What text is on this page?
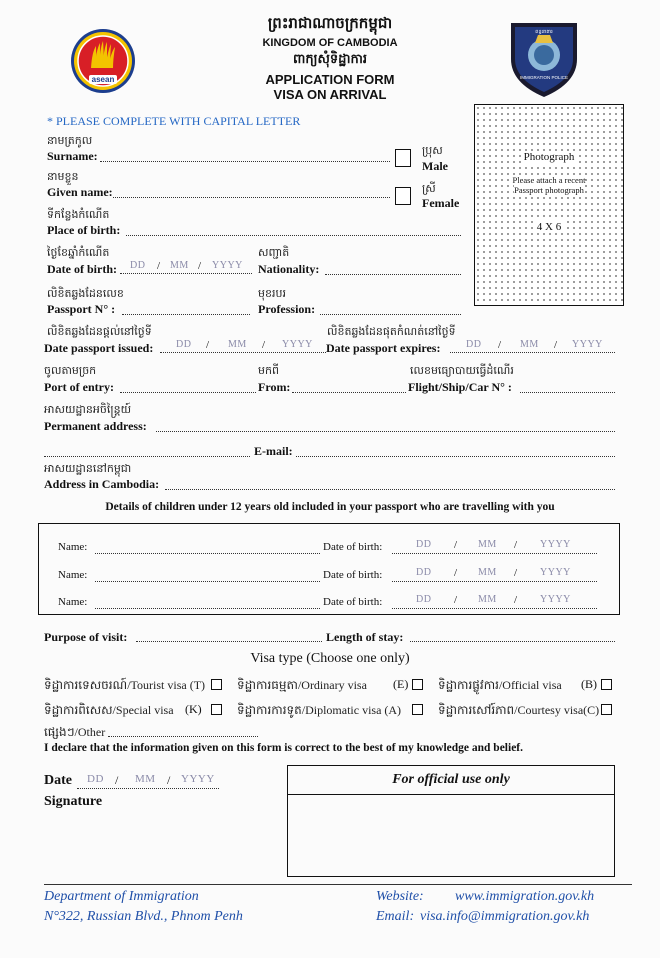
asean
ពន្ធនាគារ
IMMIGRATION POLICE
ព្រះរាជាណាចក្រកម្ពុជា
KINGDOM OF CAMBODIA
ពាក្យសុំទិដ្ឋាការ
APPLICATION FORM
VISA ON ARRIVAL
* PLEASE COMPLETE WITH CAPITAL LETTER
Photograph
Please attach a recent
Passport photograph
4 X 6
នាមត្រកូល
Surname:	ប្រុស
Male
នាមខ្លួន
Given name:	ស្រី
Female
ទីកន្លែងកំណើត
Place of birth:
ថ្ងៃខែឆ្នាំកំណើត
Date of birth: DD / MM / YYYY
សញ្ជាតិ
Nationality:
លិខិតឆ្លងដែនលេខ
Passport N° :
មុខរបរ
Profession:
លិខិតឆ្លងដែនផ្តល់នៅថ្ងៃទី
Date passport issued: DD / MM / YYYY
លិខិតឆ្លងដែនផុតកំណត់នៅថ្ងៃទី
Date passport expires:	DD / MM / YYYY
ចូលតាមច្រក
Port of entry:
មកពី
From:
លេខមធ្យោបាយធ្វើដំណើរ
Flight/Ship/Car N° :
អាសយដ្ឋានអចិន្ត្រៃយ៍
Permanent address:
E-mail:
អាសយដ្ឋាននៅកម្ពុជា
Address in Cambodia:
Details of children under 12 years old included in your passport who are travelling with you
Name:	Date of birth:	DD / MM / YYYY
Name:	Date of birth:	DD / MM / YYYY
Name:	Date of birth:	DD / MM / YYYY
Purpose of visit:	Length of stay:
Visa type (Choose one only)
ទិដ្ឋាការទេសចរណ៍/Tourist visa (T)	ទិដ្ឋាការធម្មតា/Ordinary visa (E) ទិដ្ឋាការផ្លូវការ/Official visa (B)
ទិដ្ឋាការពិសេស/Special visa (K)	ទិដ្ឋាការការទូត/Diplomatic visa (A)	ទិដ្ឋាការសៅរ៍ភាព/Courtesy visa(C)
ផ្សេងៗ/Other
I declare that the information given on this form is correct to the best of my knowledge and belief.
Date DD / MM / YYYY
Signature
For official use only
Department of Immigration
N°322, Russian Blvd., Phnom Penh
Website: www.immigration.gov.kh
Email: visa.info@immigration.gov.kh
